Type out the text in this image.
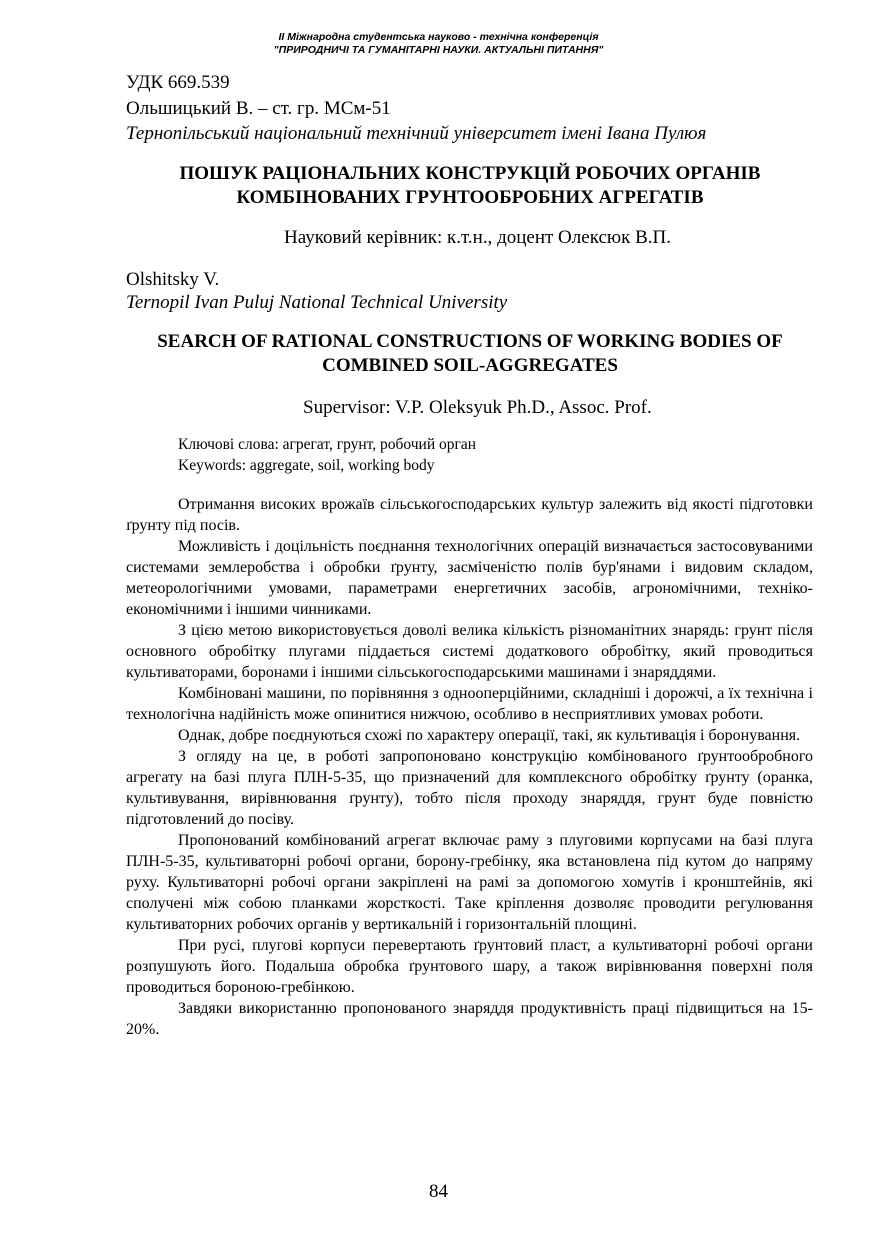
II Міжнародна студентська науково - технічна конференція
"ПРИРОДНИЧІ ТА ГУМАНІТАРНІ НАУКИ. АКТУАЛЬНІ ПИТАННЯ"
УДК 669.539
Ольшицький В. – ст. гр. МСм-51
Тернопільський національний технічний університет імені Івана Пулюя
ПОШУК РАЦІОНАЛЬНИХ КОНСТРУКЦІЙ РОБОЧИХ ОРГАНІВ
КОМБІНОВАНИХ ГРУНТООБРОБНИХ АГРЕГАТІВ
Науковий керівник: к.т.н., доцент Олексюк В.П.
Olshitsky V.
Ternopil Ivan Puluj National Technical University
SEARCH OF RATIONAL CONSTRUCTIONS OF WORKING BODIES OF
COMBINED SOIL-AGGREGATES
Supervisor: V.P. Oleksyuk Ph.D., Assoc. Prof.
Ключові слова: агрегат, грунт, робочий орган
Keywords: aggregate, soil, working body

Отримання високих врожаїв сільськогосподарських культур залежить від якості підготовки ґрунту під посів.

Можливість і доцільність поєднання технологічних операцій визначається застосовуваними системами землеробства і обробки ґрунту, засміченістю полів бур'янами і видовим складом, метеорологічними умовами, параметрами енергетичних засобів, агрономічними, техніко-економічними і іншими чинниками.

З цією метою використовується доволі велика кількість різноманітних знарядь: грунт після основного обробітку плугами піддається системі додаткового обробітку, який проводиться культиваторами, боронами і іншими сільськогосподарськими машинами і знаряддями.

Комбіновані машини, по порівняння з однооперційними, складніші і дорожчі, а їх технічна і технологічна надійність може опинитися нижчою, особливо в несприятливих умовах роботи.

Однак, добре поєднуються схожі по характеру операції, такі, як культивація і боронування.

З огляду на це, в роботі запропоновано конструкцію комбінованого ґрунтообробного агрегату на базі плуга ПЛН-5-35, що призначений для комплексного обробітку ґрунту (оранка, культивування, вирівнювання ґрунту), тобто після проходу знаряддя, грунт буде повністю підготовлений до посіву.

Пропонований комбінований агрегат включає раму з плуговими корпусами на базі плуга ПЛН-5-35, культиваторні робочі органи, борону-гребінку, яка встановлена під кутом до напряму руху. Культиваторні робочі органи закріплені на рамі за допомогою хомутів і кронштейнів, які сполучені між собою планками жорсткості. Таке кріплення дозволяє проводити регулювання культиваторних робочих органів у вертикальній і горизонтальній площині.

При русі, плугові корпуси перевертають ґрунтовий пласт, а культиваторні робочі органи розпушують його. Подальша обробка ґрунтового шару, а також вирівнювання поверхні поля проводиться бороною-гребінкою.

Завдяки використанню пропонованого знаряддя продуктивність праці підвищиться на 15-20%.

84
